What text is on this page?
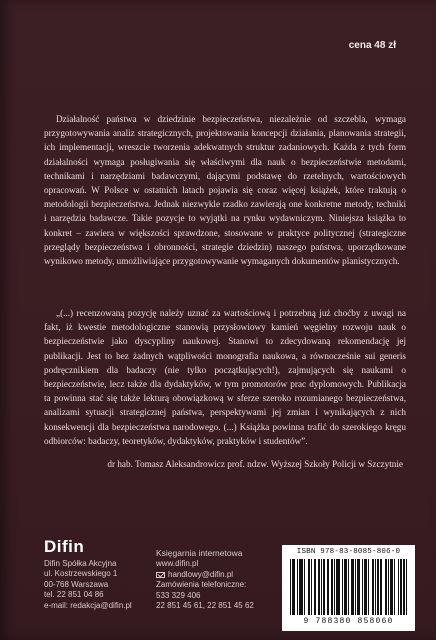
cena 48 zł

Działalność państwa w dziedzinie bezpieczeństwa, niezależnie od szczebla, wymaga przygotowywania analiz strategicznych, projektowania koncepcji działania, planowania strategii, ich implementacji, wreszcie tworzenia adekwatnych struktur zadaniowych. Każda z tych form działalności wymaga posługiwania się właściwymi dla nauk o bezpieczeństwie metodami, technikami i narzędziami badawczymi, dającymi podstawę do rzetelnych, wartościowych opracowań. W Polsce w ostatnich latach pojawia się coraz więcej książek, które traktują o metodologii bezpieczeństwa. Jednak niezwykle rzadko zawierają one konkretne metody, techniki i narzędzia badawcze. Takie pozycje to wyjątki na rynku wydawniczym. Niniejsza książka to konkret – zawiera w większości sprawdzone, stosowane w praktyce politycznej (strategiczne przeglądy bezpieczeństwa i obronności, strategie dziedzin) naszego państwa, uporządkowane wynikowo metody, umożliwiające przygotowywanie wymaganych dokumentów planistycznych.

„(...) recenzowaną pozycję należy uznać za wartościową i potrzebną już choćby z uwagi na fakt, iż kwestie metodologiczne stanowią przysłowiowy kamień węgielny rozwoju nauk o bezpieczeństwie jako dyscypliny naukowej. Stanowi to zdecydowaną rekomendację jej publikacji. Jest to bez żadnych wątpliwości monografia naukowa, a równocześnie sui generis podręcznikiem dla badaczy (nie tylko początkujących!), zajmujących się naukami o bezpieczeństwie, lecz także dla dydaktyków, w tym promotorów prac dyplomowych. Publikacja ta powinna stać się także lekturą obowiązkową w sferze szeroko rozumianego bezpieczeństwa, analizami sytuacji strategicznej państwa, perspektywami jej zmian i wynikających z nich konsekwencji dla bezpieczeństwa narodowego. (...) Książka powinna trafić do szerokiego kręgu odbiorców: badaczy, teoretyków, dydaktyków, praktyków i studentów”.

dr hab. Tomasz Aleksandrowicz prof. ndzw. Wyższej Szkoły Policji w Szczytnie
Difin
Difin Spółka Akcyjna
ul. Kostrzewskiego 1
00-768 Warszawa
tel. 22 851 04 86
e-mail: redakcja@difin.pl
Księgarnia internetowa
www.difin.pl
handlowy@difin.pl
Zamówienia telefoniczne:
533 329 406
22 851 45 61, 22 851 45 62
ISBN 978-83-8085-806-0
9 788380 858060
